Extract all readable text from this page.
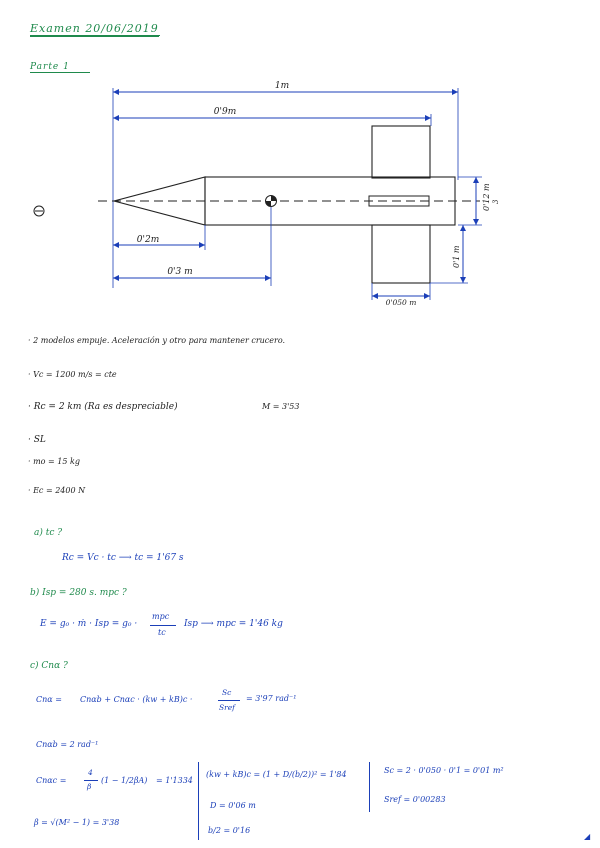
Examen 20/06/2019
Parte 1
1m
0'9m
0'2m
0'3 m
0'12 m 3
0'1 m
0'050 m
· 2 modelos empuje. Aceleración y otro para mantener crucero.
· Vc = 1200 m/s = cte
· Rc = 2 km (Ra es despreciable)	M = 3'53
· SL
· mo = 15 kg
· Ec = 2400 N
a) tc ?
Rc = Vc · tc ⟶ tc = 1'67 s
b) Isp = 280 s. mpc ?
E = g₀ · ṁ · Isp = g₀ ·
mpc
tc
Isp ⟶ mpc = 1'46 kg
c) Cnα ?
Cnα = Cnαb + Cnαc · (kw + kB)c ·
Sc
Sref
= 3'97 rad⁻¹
Cnαb = 2 rad⁻¹
Cnαc =
4
β
(1 − 1/2βA) = 1'1334
β = √(M² − 1) = 3'38
(kw + kB)c = (1 + D/(b/2))² = 1'84
D = 0'06 m
b/2 = 0'16
Sc = 2 · 0'050 · 0'1 = 0'01 m²
Sref = 0'00283
◢
